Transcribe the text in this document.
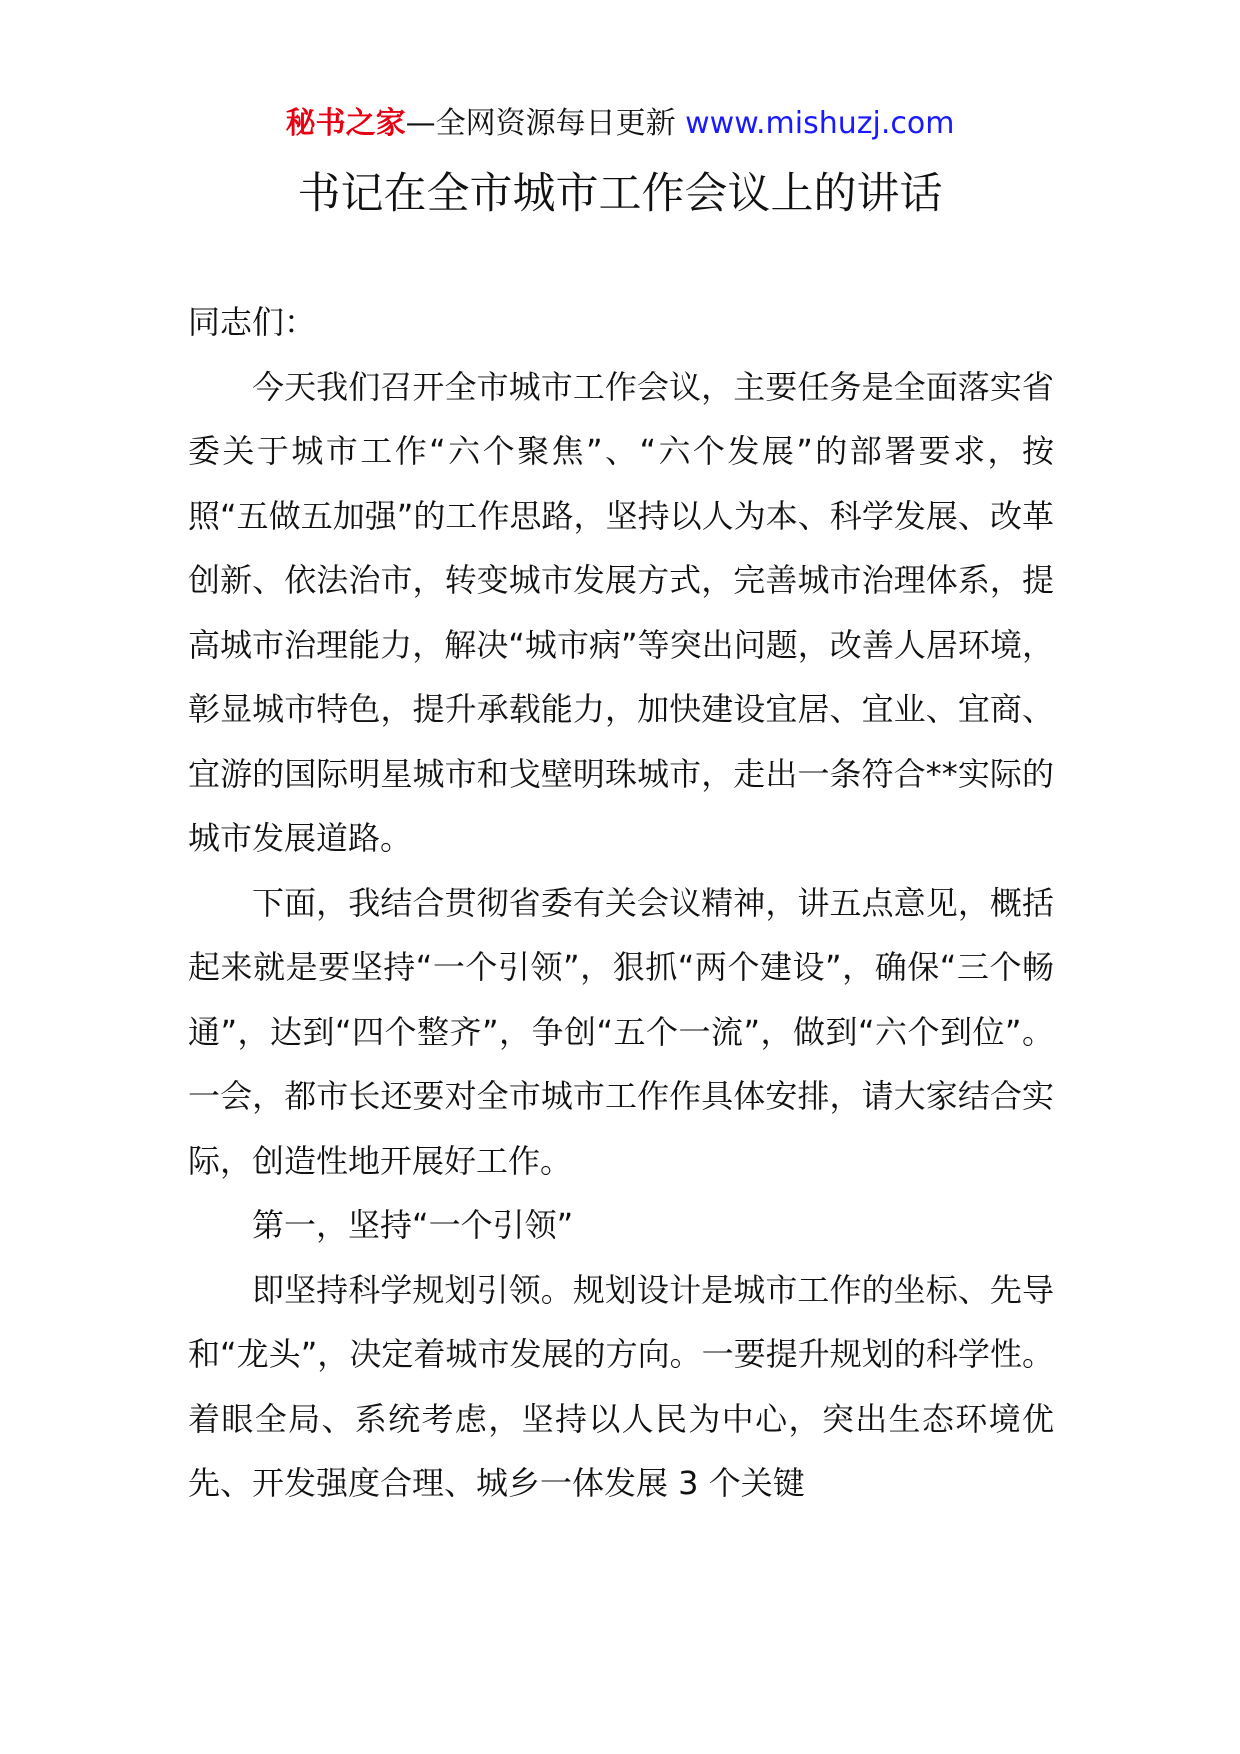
秘书之家—全网资源每日更新 www.mishuzj.com
书记在全市城市工作会议上的讲话

同志们：

今天我们召开全市城市工作会议，主要任务是全面落实省委关于城市工作“六个聚焦”、“六个发展”的部署要求，按照“五做五加强”的工作思路，坚持以人为本、科学发展、改革创新、依法治市，转变城市发展方式，完善城市治理体系，提高城市治理能力，解决“城市病”等突出问题，改善人居环境，彰显城市特色，提升承载能力，加快建设宜居、宜业、宜商、宜游的国际明星城市和戈壁明珠城市，走出一条符合**实际的城市发展道路。

下面，我结合贯彻省委有关会议精神，讲五点意见，概括起来就是要坚持“一个引领”，狠抓“两个建设”，确保“三个畅通”，达到“四个整齐”，争创“五个一流”，做到“六个到位”。一会，都市长还要对全市城市工作作具体安排，请大家结合实际，创造性地开展好工作。

第一，坚持“一个引领”

即坚持科学规划引领。规划设计是城市工作的坐标、先导和“龙头”，决定着城市发展的方向。一要提升规划的科学性。着眼全局、系统考虑，坚持以人民为中心，突出生态环境优先、开发强度合理、城乡一体发展 3 个关键
